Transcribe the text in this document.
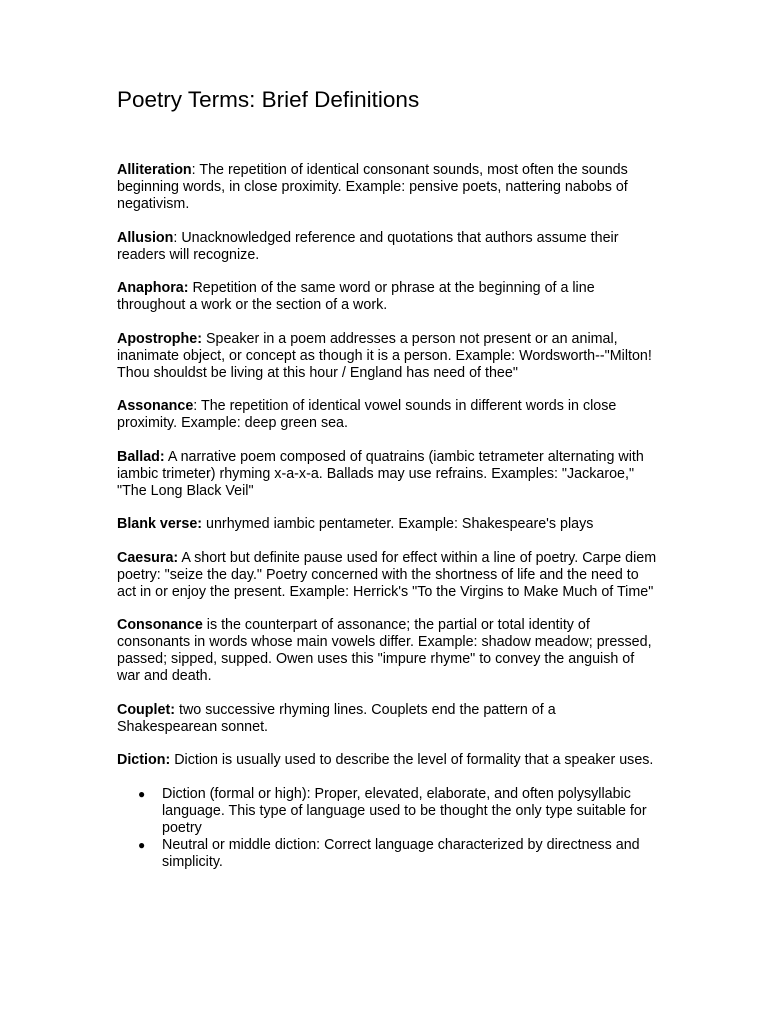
Poetry Terms: Brief Definitions

Alliteration: The repetition of identical consonant sounds, most often the sounds beginning words, in close proximity. Example: pensive poets, nattering nabobs of negativism.

Allusion: Unacknowledged reference and quotations that authors assume their readers will recognize.

Anaphora: Repetition of the same word or phrase at the beginning of a line throughout a work or the section of a work.

Apostrophe: Speaker in a poem addresses a person not present or an animal, inanimate object, or concept as though it is a person. Example: Wordsworth--"Milton! Thou shouldst be living at this hour / England has need of thee"

Assonance: The repetition of identical vowel sounds in different words in close proximity. Example: deep green sea.

Ballad: A narrative poem composed of quatrains (iambic tetrameter alternating with iambic trimeter) rhyming x-a-x-a. Ballads may use refrains. Examples: "Jackaroe," "The Long Black Veil"

Blank verse: unrhymed iambic pentameter. Example: Shakespeare's plays

Caesura: A short but definite pause used for effect within a line of poetry. Carpe diem poetry: "seize the day." Poetry concerned with the shortness of life and the need to act in or enjoy the present. Example: Herrick's "To the Virgins to Make Much of Time"

Consonance is the counterpart of assonance; the partial or total identity of consonants in words whose main vowels differ. Example: shadow meadow; pressed, passed; sipped, supped. Owen uses this "impure rhyme" to convey the anguish of war and death.

Couplet: two successive rhyming lines. Couplets end the pattern of a Shakespearean sonnet.

Diction: Diction is usually used to describe the level of formality that a speaker uses.

● Diction (formal or high): Proper, elevated, elaborate, and often polysyllabic language. This type of language used to be thought the only type suitable for poetry
● Neutral or middle diction: Correct language characterized by directness and simplicity.
